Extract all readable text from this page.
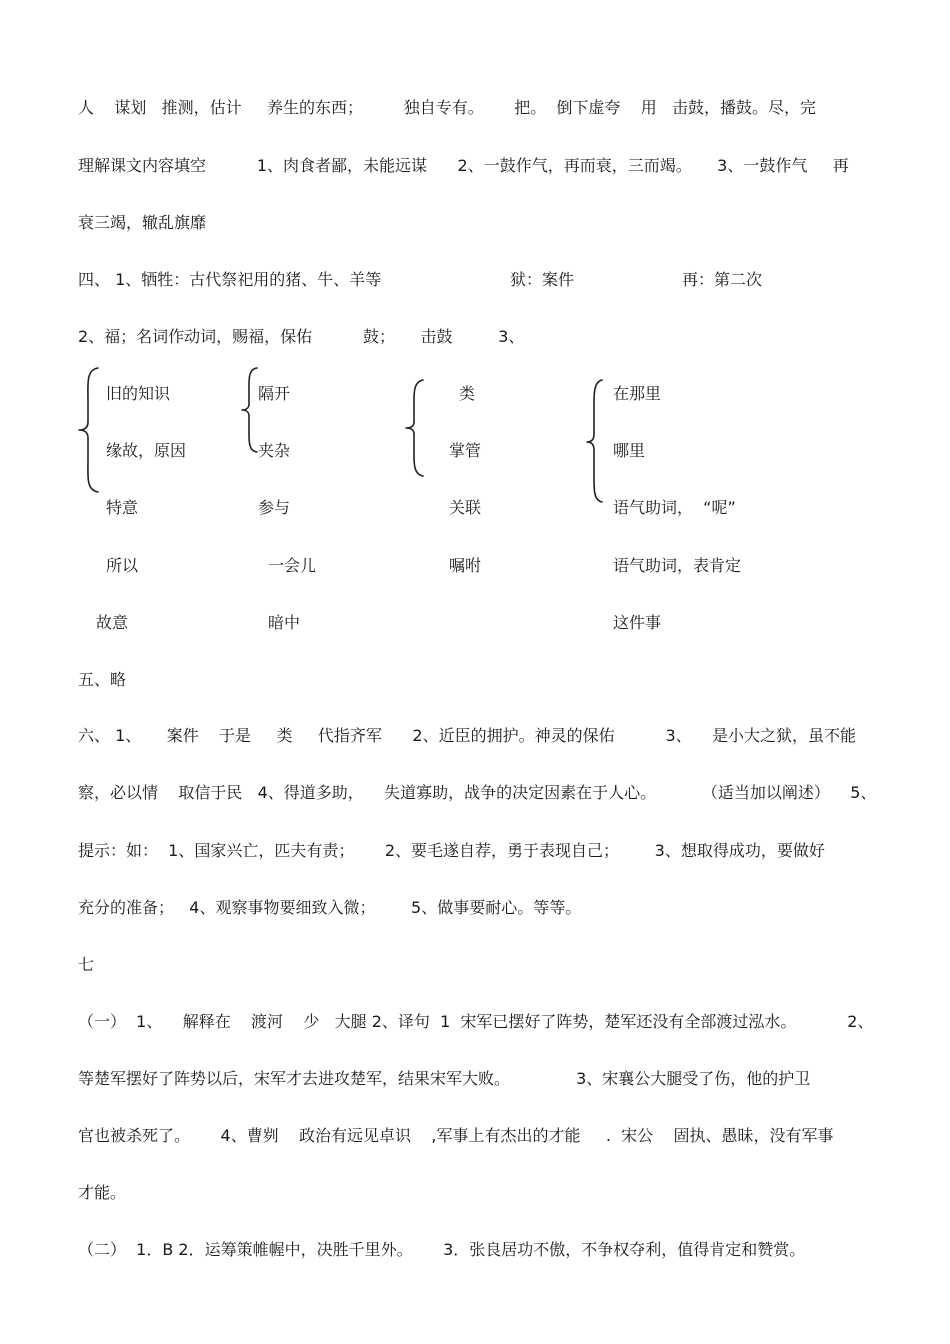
人    谋划   推测，估计     养生的东西；        独自专有。      把。  倒下虚夸    用   击鼓，播鼓。尽，完
理解课文内容填空          1、肉食者鄙，未能远谋      2、一鼓作气，再而衰，三而竭。     3、一鼓作气     再
衰三竭，辙乱旗靡
四、 1、牺牲：古代祭祀用的猪、牛、羊等	狱：案件	再：第二次
2、福；名词作动词，赐福，保佑          鼓；     击鼓         3、
旧的知识
缘故，原因
特意
所以
故意
隔开
夹杂
参与
一会儿
暗中
类
掌管
关联
嘱咐
在那里
哪里
语气助词，  “呢”
语气助词，表肯定
这件事
五、略
六、 1、     案件    于是     类     代指齐军      2、近臣的拥护。神灵的保佑          3、    是小大之狱，虽不能
察，必以情    取信于民   4、得道多助，    失道寡助，战争的决定因素在于人心。         （适当加以阐述）    5、
提示：如：  1、国家兴亡，匹夫有责；      2、要毛遂自荐，勇于表现自己；       3、想取得成功，要做好
充分的准备；   4、观察事物要细致入微；       5、做事要耐心。等等。
七
（一）  1、    解释在    渡河    少   大腿 2、译句  1  宋军已摆好了阵势，楚军还没有全部渡过泓水。          2、
等楚军摆好了阵势以后，宋军才去进攻楚军，结果宋军大败。             3、宋襄公大腿受了伤，他的护卫
官也被杀死了。      4、曹刿    政治有远见卓识    ,军事上有杰出的才能     .  宋公    固执、愚昧，没有军事
才能。
（二）  1．B 2．运筹策帷幄中，决胜千里外。      3．张良居功不傲，不争权夺利，值得肯定和赞赏。
